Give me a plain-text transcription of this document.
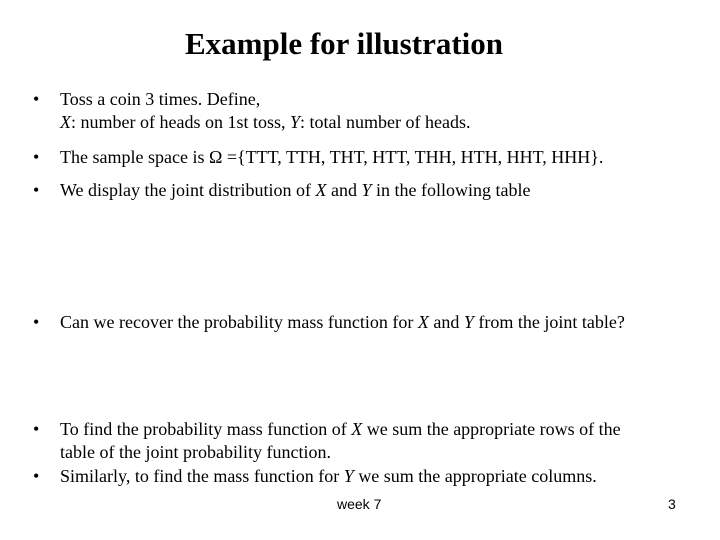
Example for illustration
• Toss a coin 3 times. Define,
X: number of heads on 1st toss, Y: total number of heads.
• The sample space is Ω ={TTT, TTH, THT, HTT, THH, HTH, HHT, HHH}.
• We display the joint distribution of X and Y in the following table
• Can we recover the probability mass function for X and Y from the joint table?
• To find the probability mass function of X we sum the appropriate rows of the
table of the joint probability function.
• Similarly, to find the mass function for Y we sum the appropriate columns.
week 7	3
